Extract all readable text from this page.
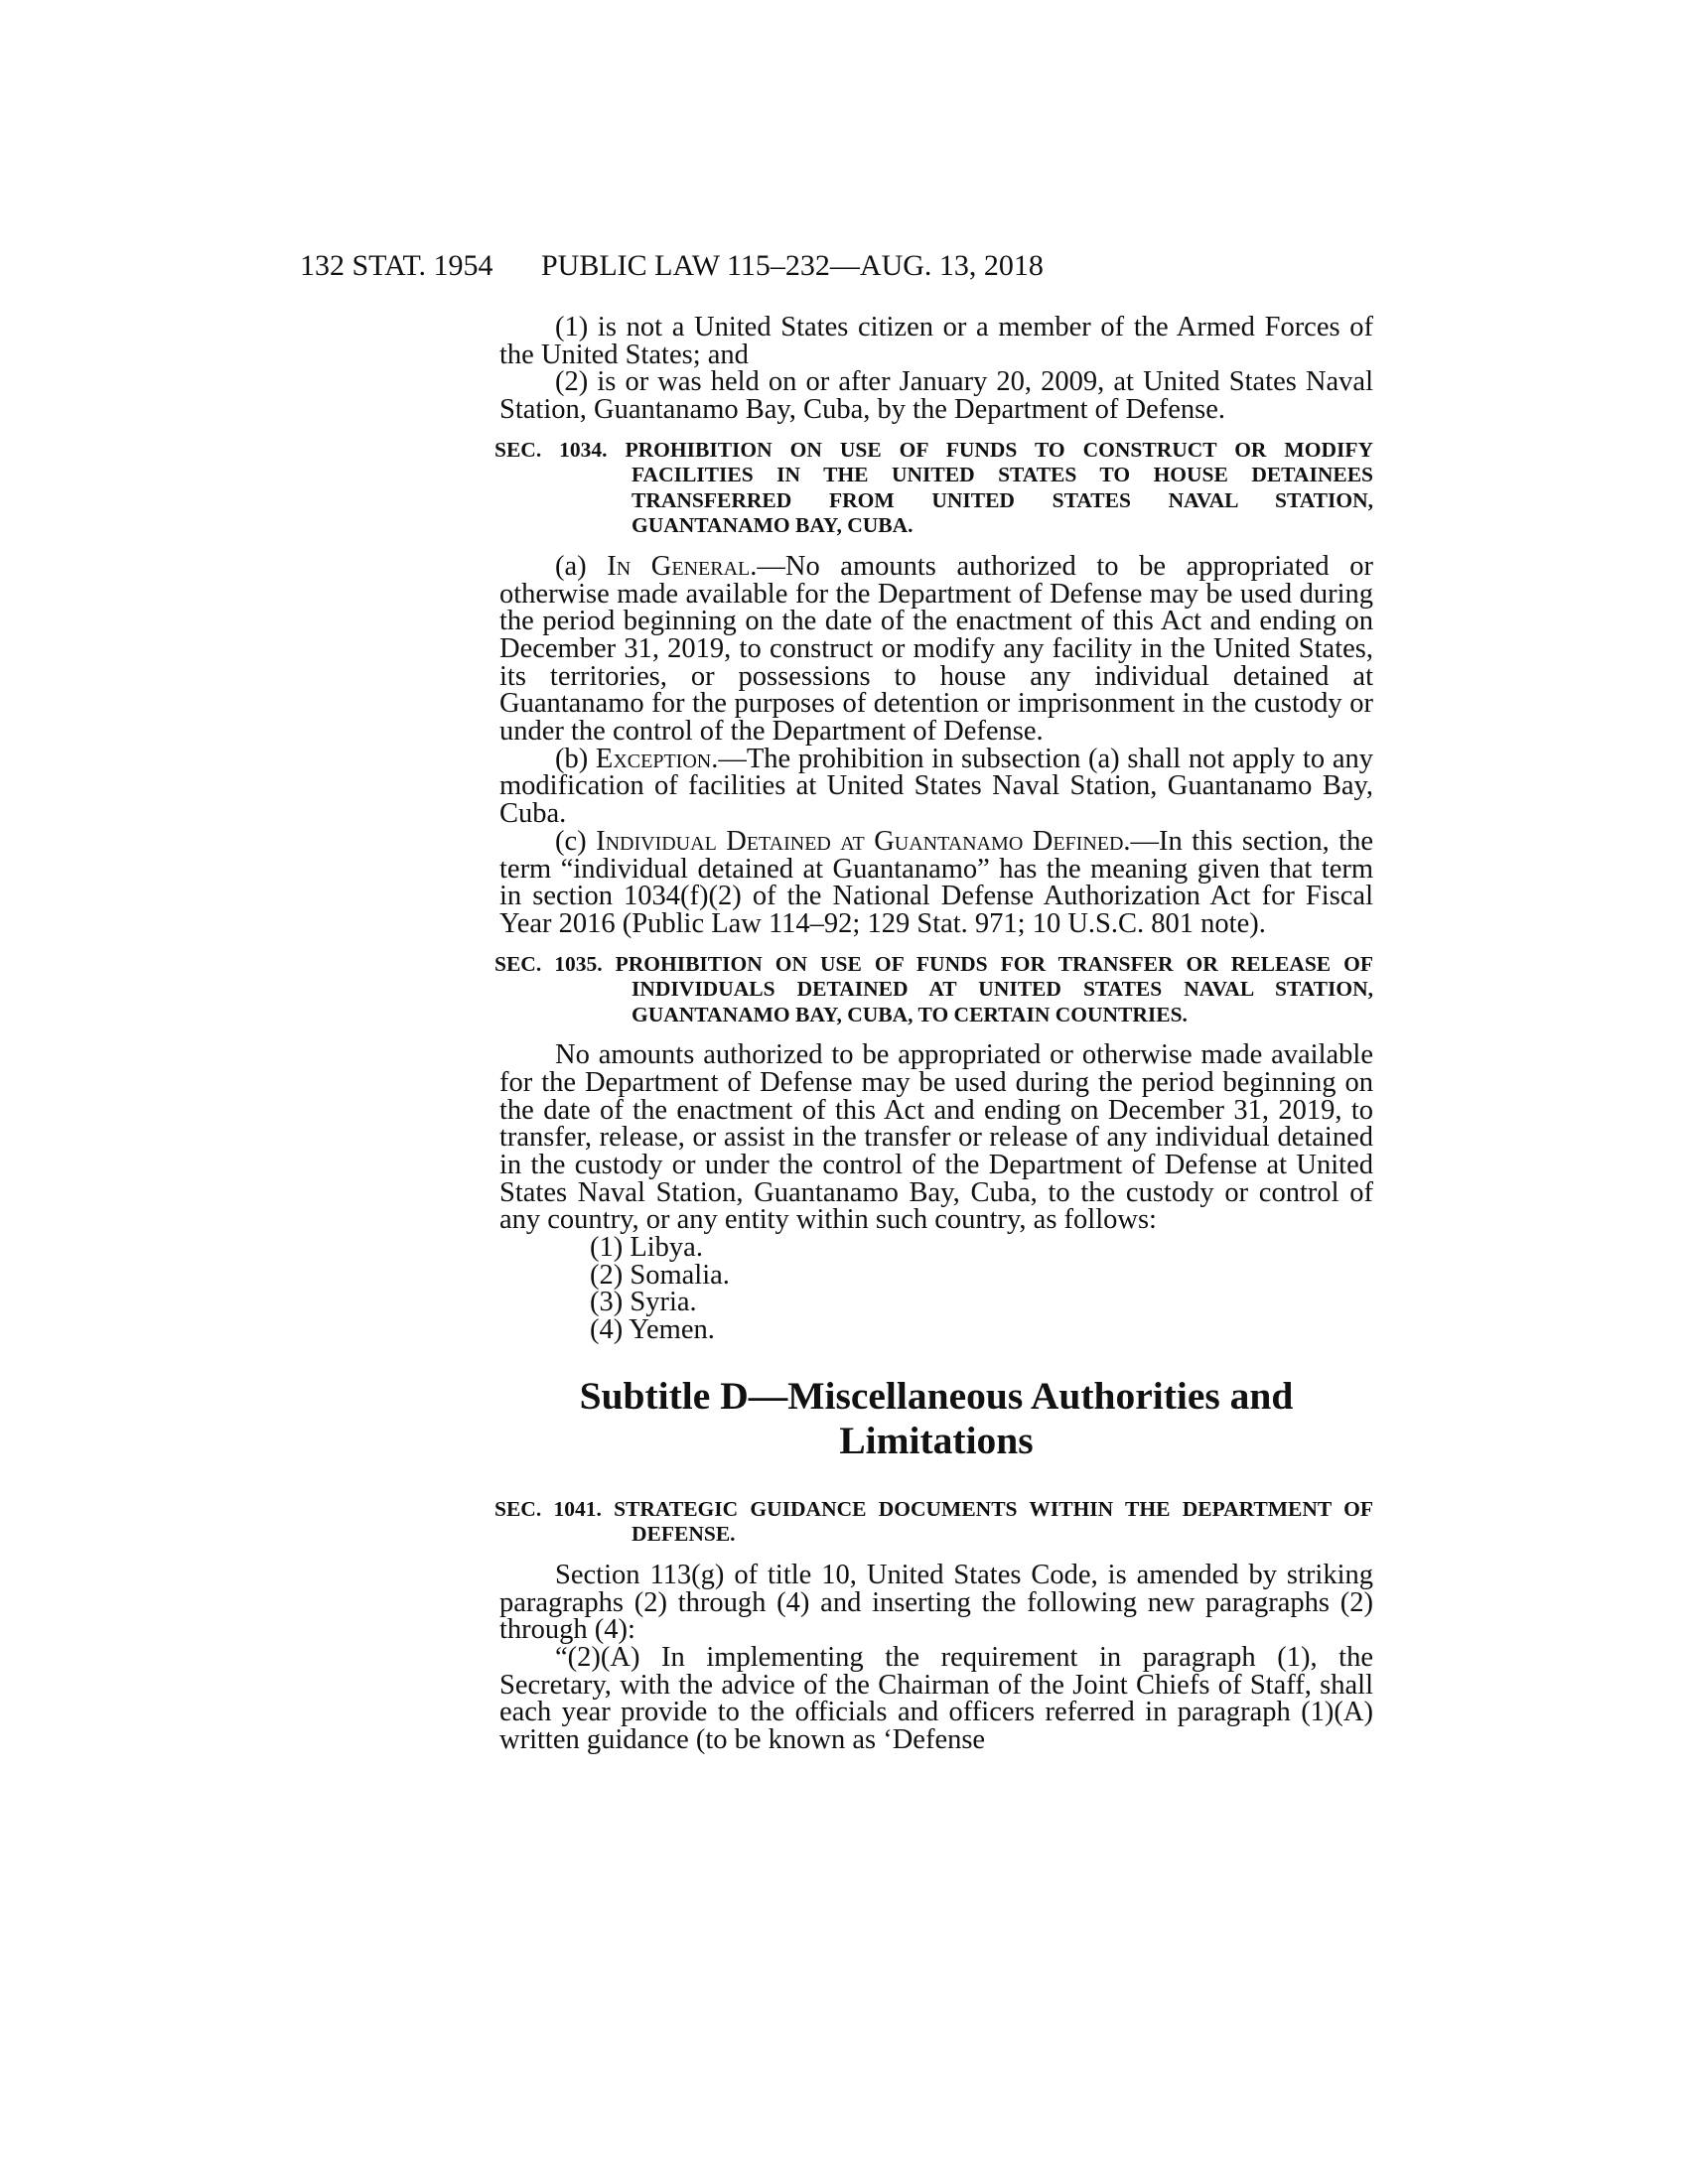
132 STAT. 1954 PUBLIC LAW 115–232—AUG. 13, 2018

(1) is not a United States citizen or a member of the Armed Forces of the United States; and

(2) is or was held on or after January 20, 2009, at United States Naval Station, Guantanamo Bay, Cuba, by the Department of Defense.

SEC. 1034. PROHIBITION ON USE OF FUNDS TO CONSTRUCT OR MODIFY FACILITIES IN THE UNITED STATES TO HOUSE DETAINEES TRANSFERRED FROM UNITED STATES NAVAL STATION, GUANTANAMO BAY, CUBA.

(a) In General.—No amounts authorized to be appropriated or otherwise made available for the Department of Defense may be used during the period beginning on the date of the enactment of this Act and ending on December 31, 2019, to construct or modify any facility in the United States, its territories, or possessions to house any individual detained at Guantanamo for the purposes of detention or imprisonment in the custody or under the control of the Department of Defense.

(b) Exception.—The prohibition in subsection (a) shall not apply to any modification of facilities at United States Naval Station, Guantanamo Bay, Cuba.

(c) Individual Detained at Guantanamo Defined.—In this section, the term “individual detained at Guantanamo” has the meaning given that term in section 1034(f)(2) of the National Defense Authorization Act for Fiscal Year 2016 (Public Law 114–92; 129 Stat. 971; 10 U.S.C. 801 note).

SEC. 1035. PROHIBITION ON USE OF FUNDS FOR TRANSFER OR RELEASE OF INDIVIDUALS DETAINED AT UNITED STATES NAVAL STATION, GUANTANAMO BAY, CUBA, TO CERTAIN COUNTRIES.

No amounts authorized to be appropriated or otherwise made available for the Department of Defense may be used during the period beginning on the date of the enactment of this Act and ending on December 31, 2019, to transfer, release, or assist in the transfer or release of any individual detained in the custody or under the control of the Department of Defense at United States Naval Station, Guantanamo Bay, Cuba, to the custody or control of any country, or any entity within such country, as follows:

(1) Libya.
(2) Somalia.
(3) Syria.
(4) Yemen.
Subtitle D—Miscellaneous Authorities and
Limitations
SEC. 1041. STRATEGIC GUIDANCE DOCUMENTS WITHIN THE DEPARTMENT OF DEFENSE.

Section 113(g) of title 10, United States Code, is amended by striking paragraphs (2) through (4) and inserting the following new paragraphs (2) through (4):

“(2)(A) In implementing the requirement in paragraph (1), the Secretary, with the advice of the Chairman of the Joint Chiefs of Staff, shall each year provide to the officials and officers referred in paragraph (1)(A) written guidance (to be known as ‘Defense
